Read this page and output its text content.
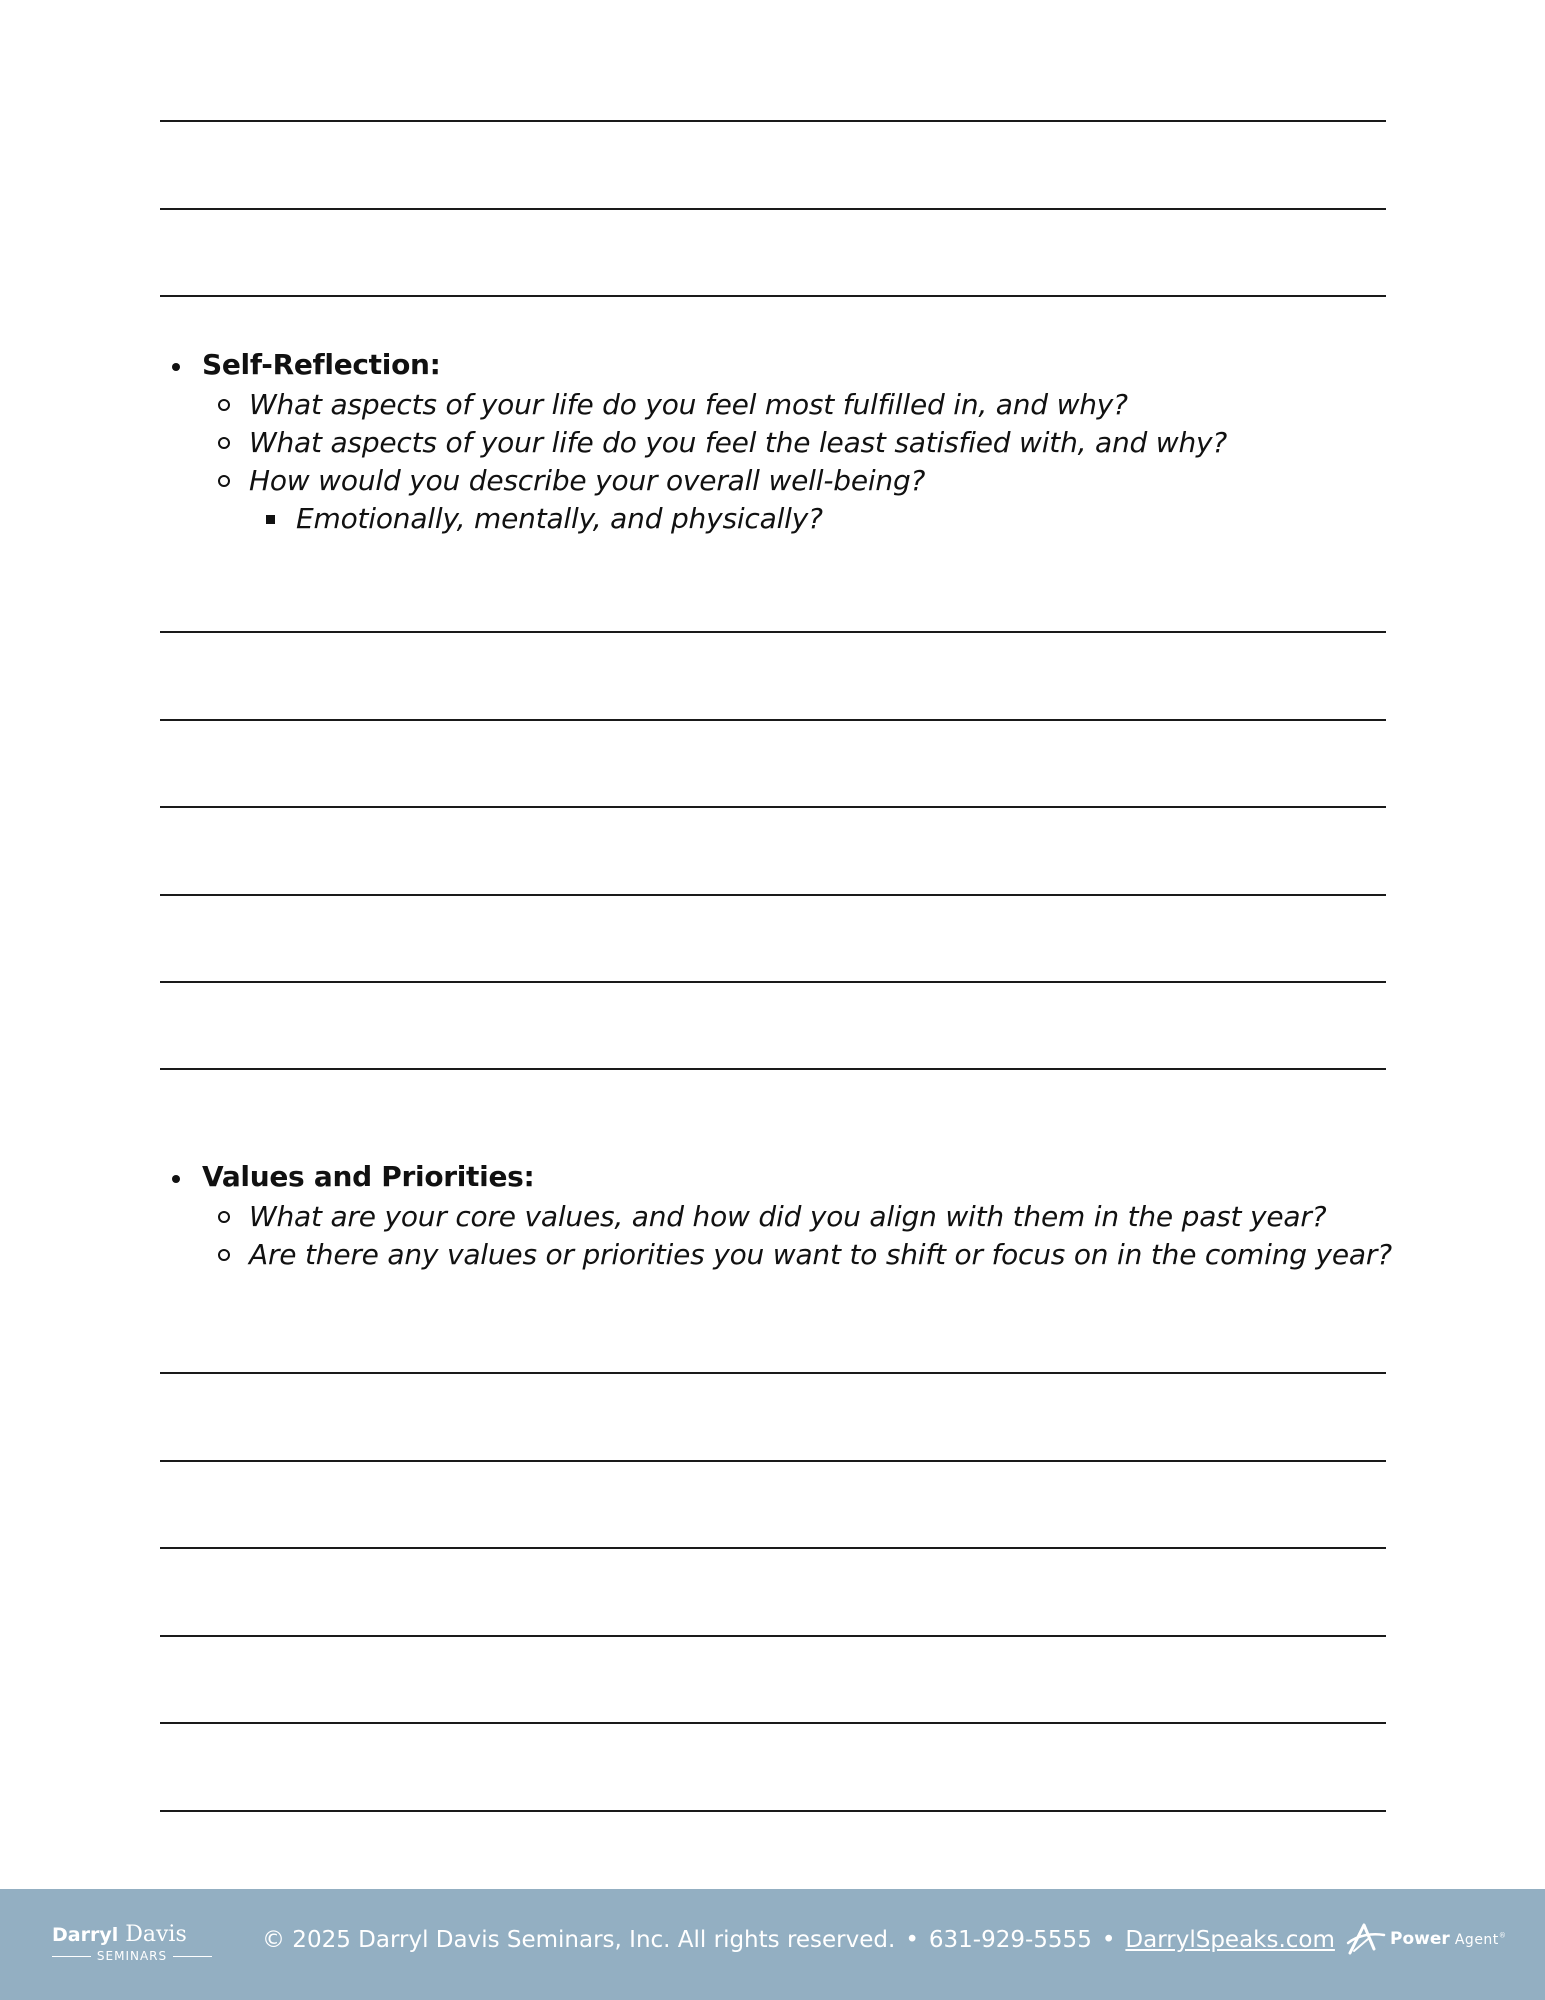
Self-Reflection:
What aspects of your life do you feel most fulfilled in, and why?
What aspects of your life do you feel the least satisfied with, and why?
How would you describe your overall well-being?
Emotionally, mentally, and physically?
Values and Priorities:
What are your core values, and how did you align with them in the past year?
Are there any values or priorities you want to shift or focus on in the coming year?
Darryl Davis
SEMINARS
© 2025 Darryl Davis Seminars, Inc. All rights reserved. • 631-929-5555 • DarrylSpeaks.com	Power Agent®
